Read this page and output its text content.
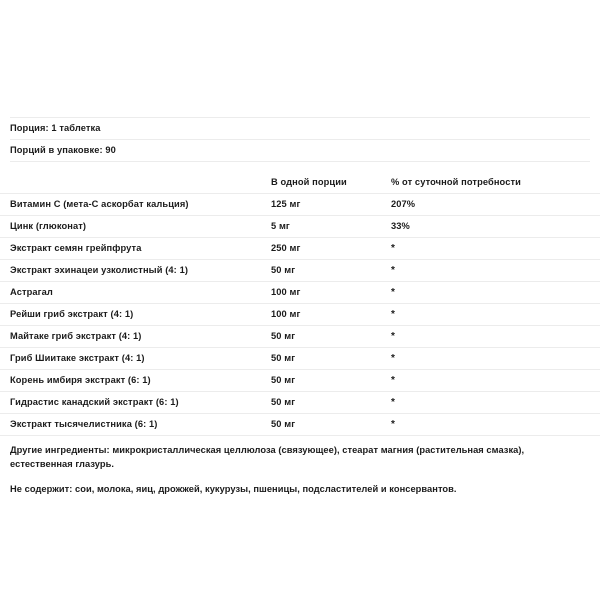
Порция: 1 таблетка
Порций в упаковке: 90
	В одной порции	% от суточной потребности
Витамин С (мета-С аскорбат кальция)	125 мг	207%
Цинк (глюконат)	5 мг	33%
Экстракт семян грейпфрута	250 мг	*
Экстракт эхинацеи узколистный (4: 1)	50 мг	*
Астрагал	100 мг	*
Рейши гриб экстракт (4: 1)	100 мг	*
Майтаке гриб экстракт (4: 1)	50 мг	*
Гриб Шиитаке экстракт (4: 1)	50 мг	*
Корень имбиря экстракт (6: 1)	50 мг	*
Гидрастис канадский экстракт (6: 1)	50 мг	*
Экстракт тысячелистника (6: 1)	50 мг	*
Другие ингредиенты: микрокристаллическая целлюлоза (связующее), стеарат магния (растительная смазка), естественная глазурь.
Не содержит: сои, молока, яиц, дрожжей, кукурузы, пшеницы, подсластителей и консервантов.
